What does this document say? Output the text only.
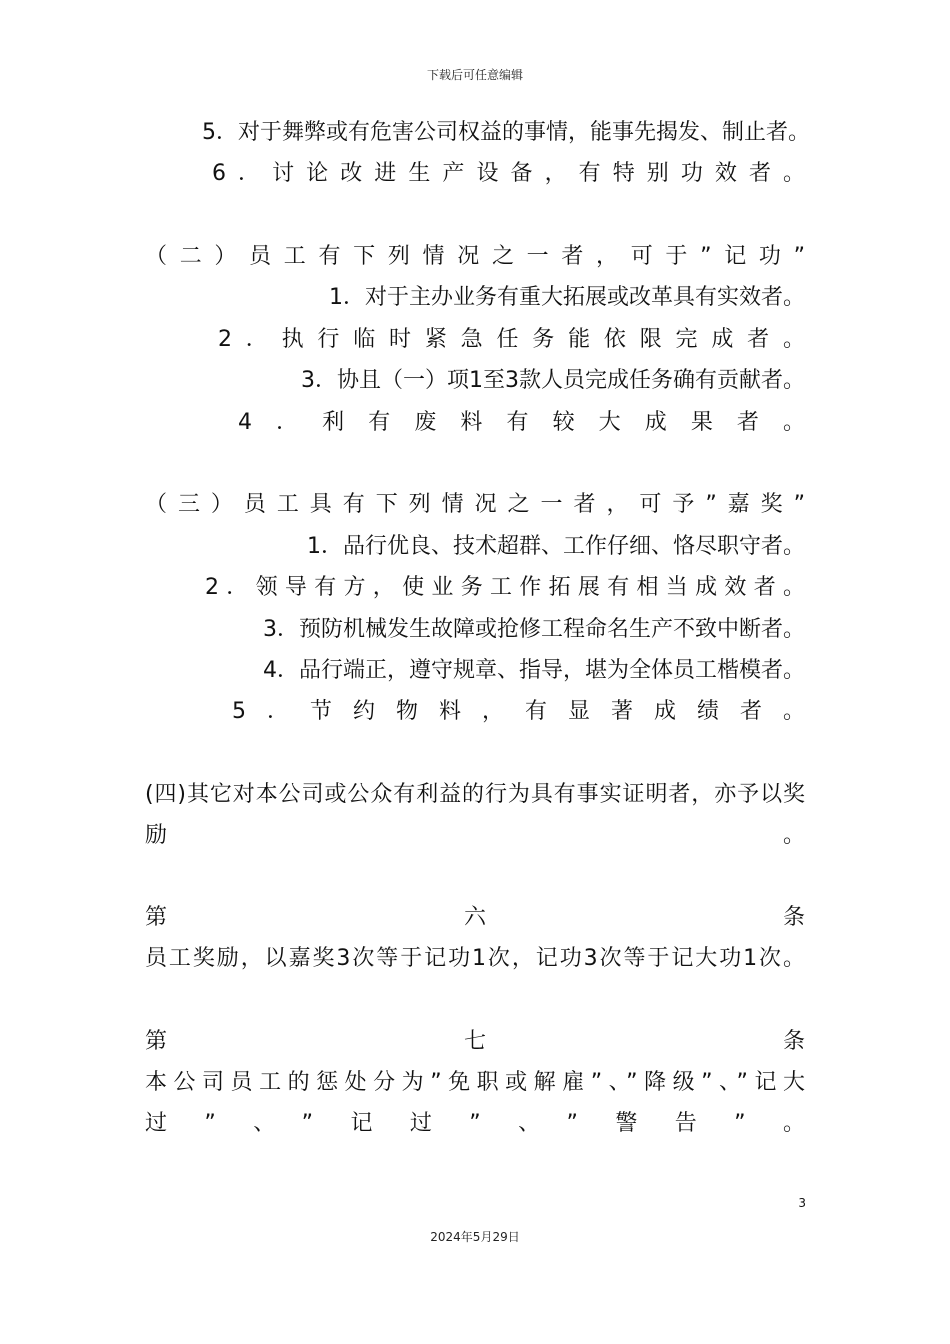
下载后可任意编辑
5．对于舞弊或有危害公司权益的事情，能事先揭发、制止者。
6．讨论改进生产设备，有特别功效者。
（二）员工有下列情况之一者，可于”记功”
1．对于主办业务有重大拓展或改革具有实效者。
2．执行临时紧急任务能依限完成者。
3．协且（一）项1至3款人员完成任务确有贡献者。
4．利有废料有较大成果者。
（三）员工具有下列情况之一者，可予”嘉奖”
1．品行优良、技术超群、工作仔细、恪尽职守者。
2．领导有方，使业务工作拓展有相当成效者。
3．预防机械发生故障或抢修工程命名生产不致中断者。
4．品行端正，遵守规章、指导，堪为全体员工楷模者。
5．节约物料，有显著成绩者。
(四)其它对本公司或公众有利益的行为具有事实证明者，亦予以奖
励　　　　　　　　　　　　　　　　　　　　　　　　　　　　。
第　　　　　　　六　　　　　　　条
员工奖励，以嘉奖3次等于记功1次，记功3次等于记大功1次。
第　　　　　　　七　　　　　　　条
本公司员工的惩处分为”免职或解雇”、”降级”、”记大
过”、”记过”、”警告”。
3
2024年5月29日
